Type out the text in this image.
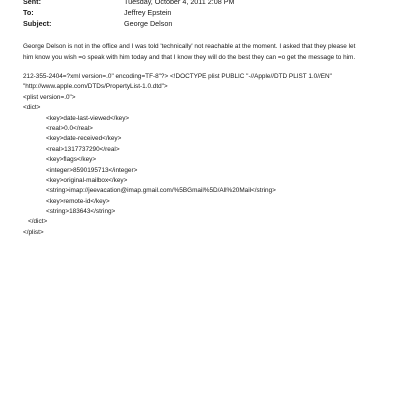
Sent:	Tuesday, October 4, 2011 2:08 PM
To:	Jeffrey Epstein
Subject:	George Delson
George Delson is not in the office and I was told 'technically' not reachable at the moment. I asked that they please let
him know you wish =o speak with him today and that I know they will do the best they can =o get the message to him.
212-355-2404=?xml version=.0" encoding=TF-8"?> <!DOCTYPE plist PUBLIC "-//Apple//DTD PLIST 1.0//EN"
"http://www.apple.com/DTDs/PropertyList-1.0.dtd">
<plist version=.0">
<dict>
<key>date-last-viewed</key>
<real>0.0</real>
<key>date-received</key>
<real>1317737290</real>
<key>flags</key>
<integer>8590195713</integer>
<key>original-mailbox</key>
<string>imap://jeevacation@imap.gmail.com/%5BGmail%5D/All%20Mail</string>
<key>remote-id</key>
<string>183643</string>
</dict>
</plist>
